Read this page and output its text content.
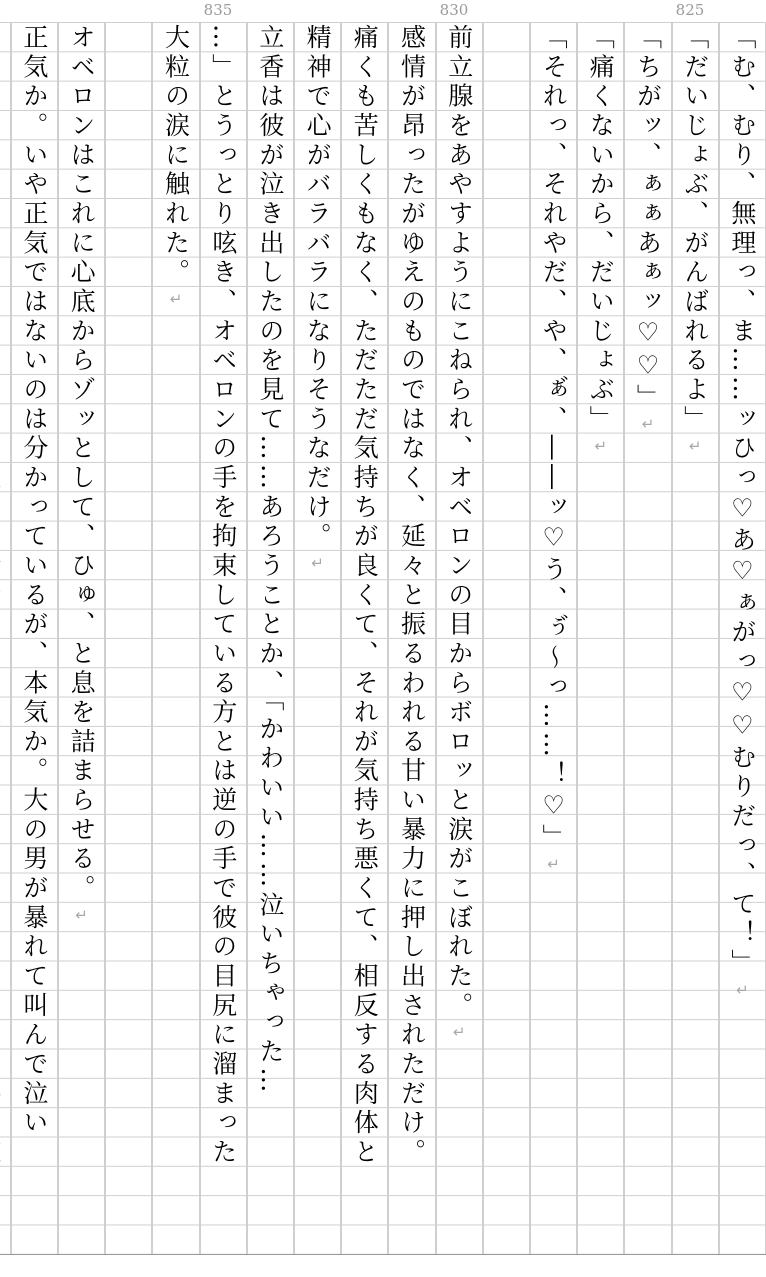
825
830
835
「む、むり、無理っ、ま……ッひっ♡あ♡ぁがっ♡♡むりだっ、て！」
↵
「だいじょぶ、がんばれるよ」
↵
「ちがッ、ぁぁあぁッ♡♡」
↵
「痛くないから、だいじょぶ」
↵
「それっ、それやだ、や、ぁ゙、――ッ♡う、ぅ゙～っ……！♡」
↵
前立腺をあやすようにこねられ、オベロンの目からボロッと涙がこぼれた。
↵
感情が昂ったがゆえのものではなく、延々と振るわれる甘い暴力に押し出されただけ。
痛くも苦しくもなく、ただただ気持ちが良くて、それが気持ち悪くて、相反する肉体と
精神で心がバラバラになりそうなだけ。
↵
立香は彼が泣き出したのを見て……あろうことか、「かわいい……泣いちゃった…
…」とうっとり呟き、オベロンの手を拘束している方とは逆の手で彼の目尻に溜まった
大粒の涙に触れた。
↵
オベロンはこれに心底からゾッとして、ひゅ、と息を詰まらせる。
↵
正気か。いや正気ではないのは分かっているが、本気か。大の男が暴れて叫んで泣い
